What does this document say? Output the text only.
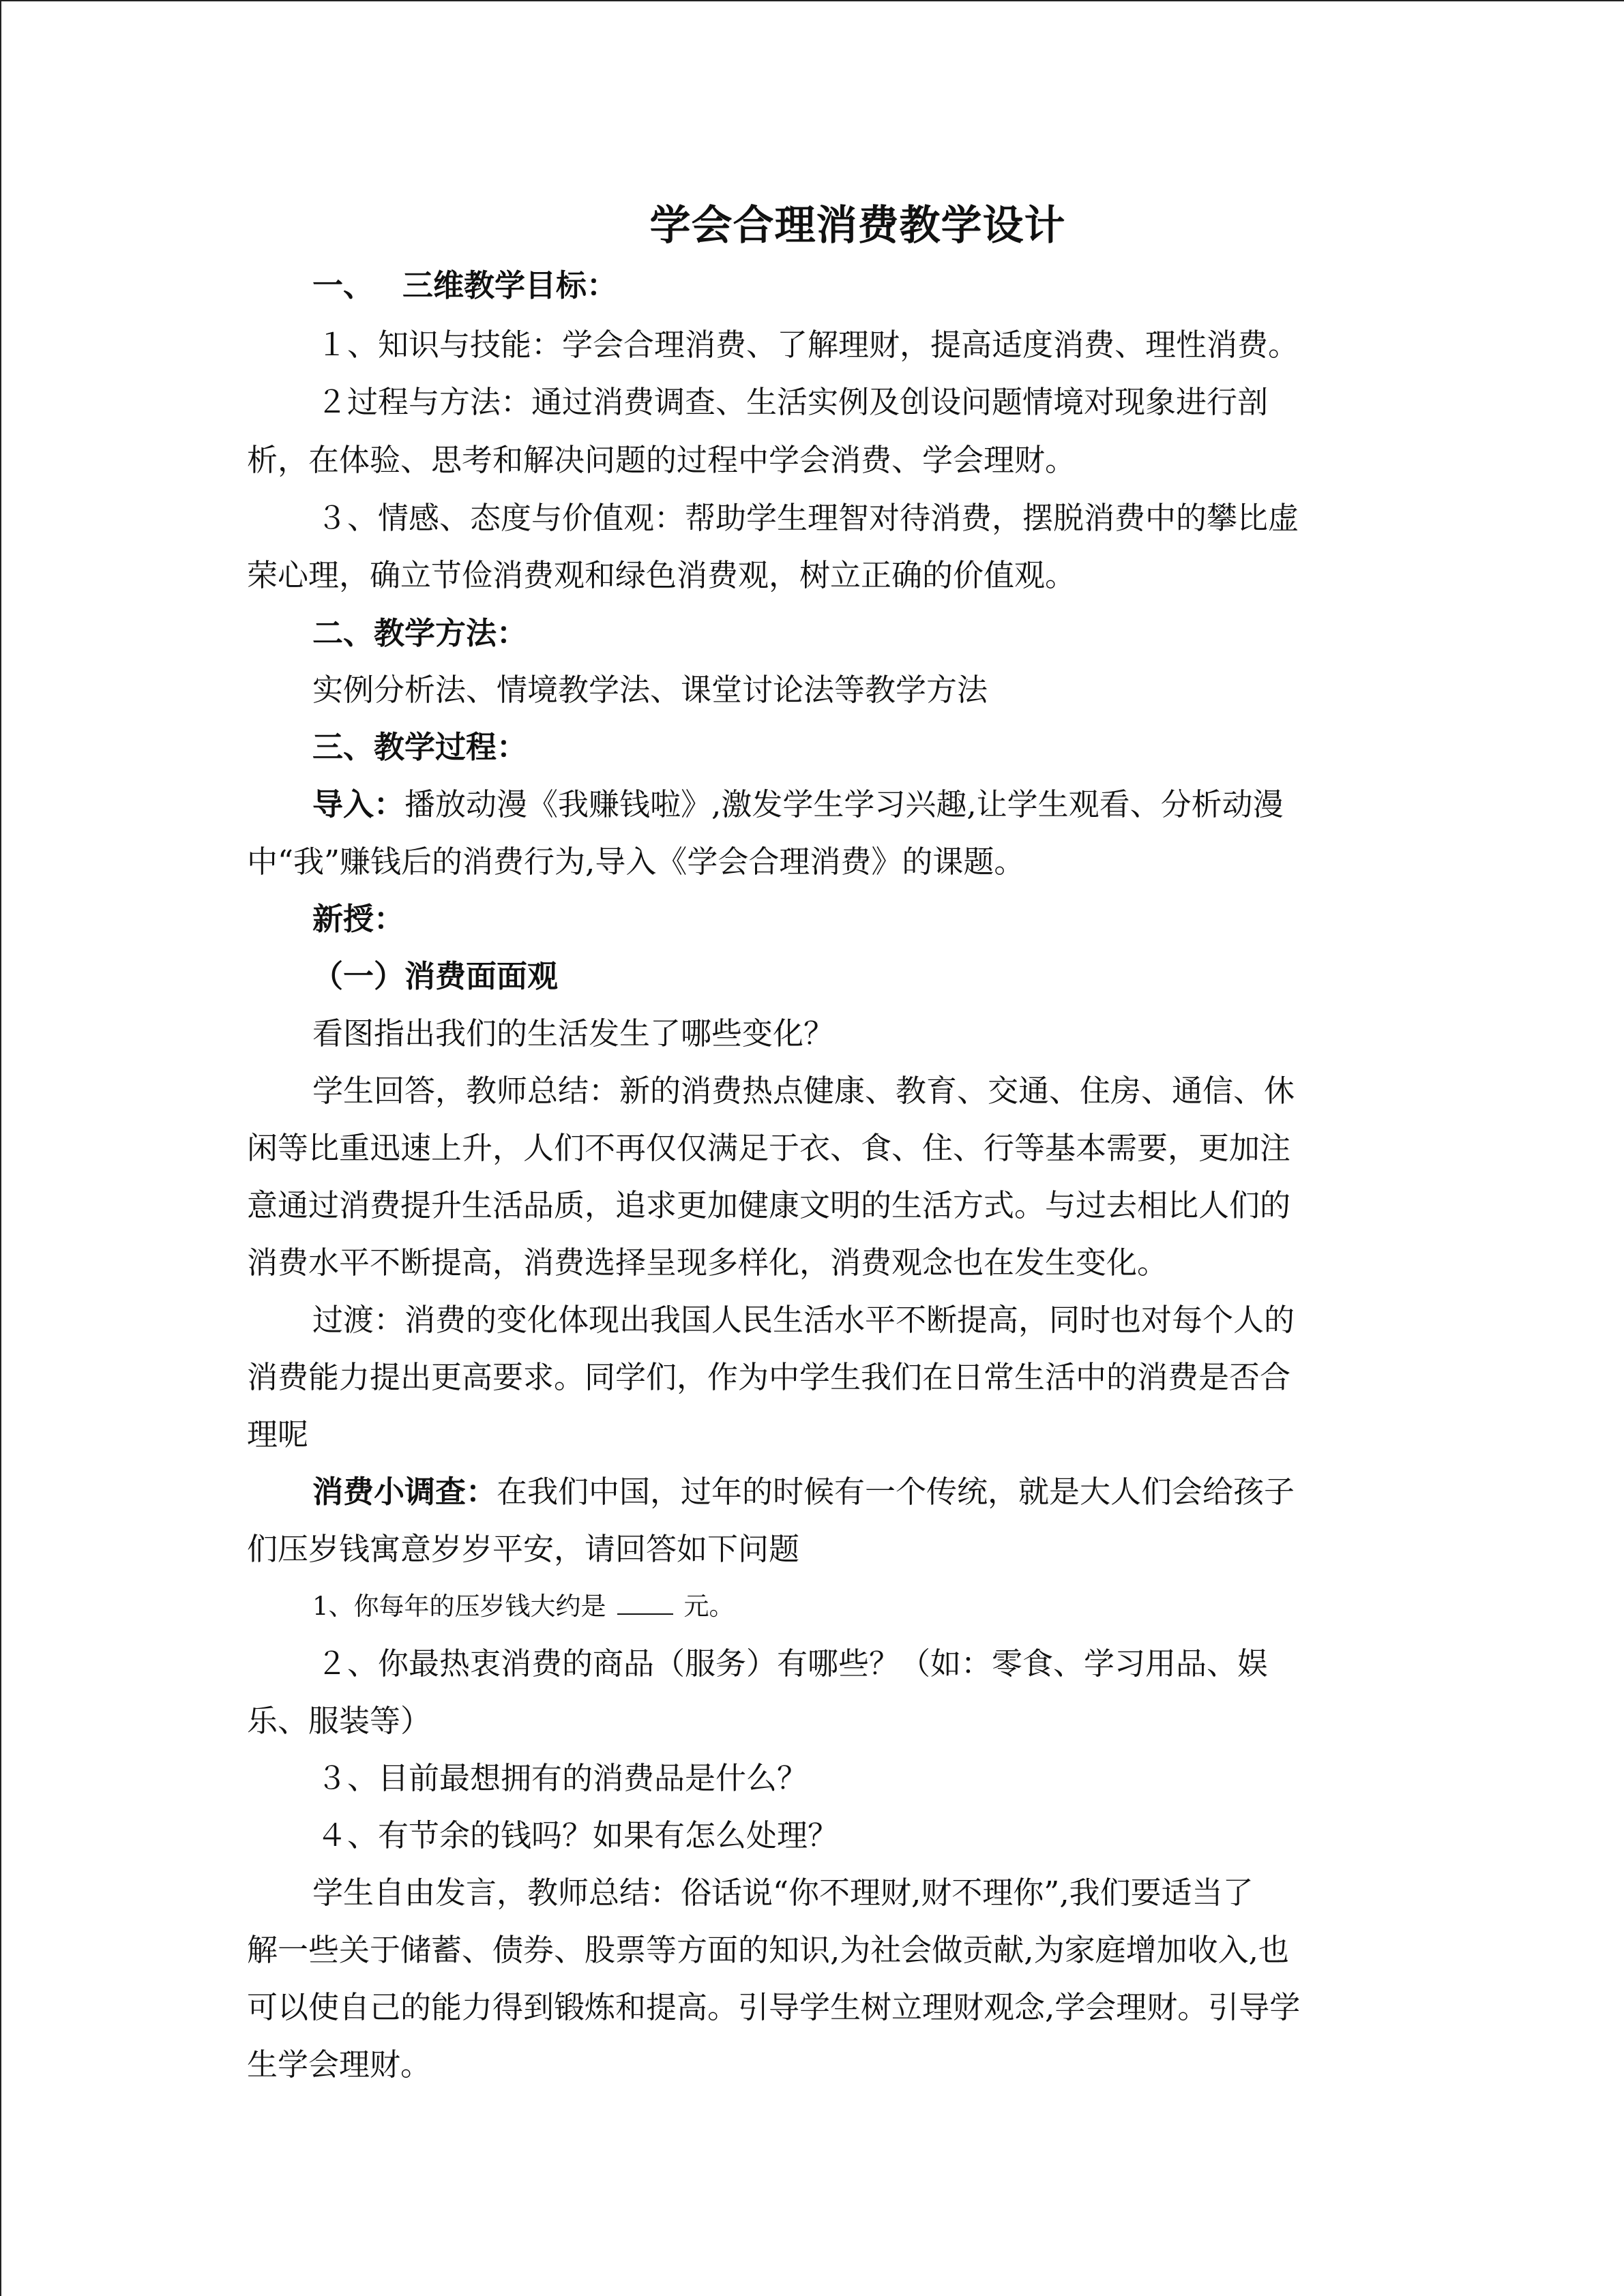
学会合理消费教学设计
一、 三维教学目标：
１、知识与技能：学会合理消费、了解理财，提高适度消费、理性消费。
２过程与方法：通过消费调查、生活实例及创设问题情境对现象进行剖
析，在体验、思考和解决问题的过程中学会消费、学会理财。
３、情感、态度与价值观：帮助学生理智对待消费，摆脱消费中的攀比虚
荣心理，确立节俭消费观和绿色消费观，树立正确的价值观。
二、教学方法：
实例分析法、情境教学法、课堂讨论法等教学方法
三、教学过程：
导入：播放动漫《我赚钱啦》,激发学生学习兴趣,让学生观看、分析动漫
中“我”赚钱后的消费行为,导入《学会合理消费》的课题。
新授：
（一）消费面面观
看图指出我们的生活发生了哪些变化？
学生回答，教师总结：新的消费热点健康、教育、交通、住房、通信、休
闲等比重迅速上升，人们不再仅仅满足于衣、食、住、行等基本需要，更加注
意通过消费提升生活品质，追求更加健康文明的生活方式。与过去相比人们的
消费水平不断提高，消费选择呈现多样化，消费观念也在发生变化。
过渡：消费的变化体现出我国人民生活水平不断提高，同时也对每个人的
消费能力提出更高要求。同学们，作为中学生我们在日常生活中的消费是否合
理呢
消费小调查：在我们中国，过年的时候有一个传统，就是大人们会给孩子
们压岁钱寓意岁岁平安，请回答如下问题
1、你每年的压岁钱大约是	元。
２、你最热衷消费的商品（服务）有哪些？（如：零食、学习用品、娱
乐、服装等）
３、目前最想拥有的消费品是什么？
４、有节余的钱吗？如果有怎么处理？
学生自由发言，教师总结：俗话说“你不理财,财不理你”,我们要适当了
解一些关于储蓄、债券、股票等方面的知识,为社会做贡献,为家庭增加收入,也
可以使自己的能力得到锻炼和提高。引导学生树立理财观念,学会理财。引导学
生学会理财。
